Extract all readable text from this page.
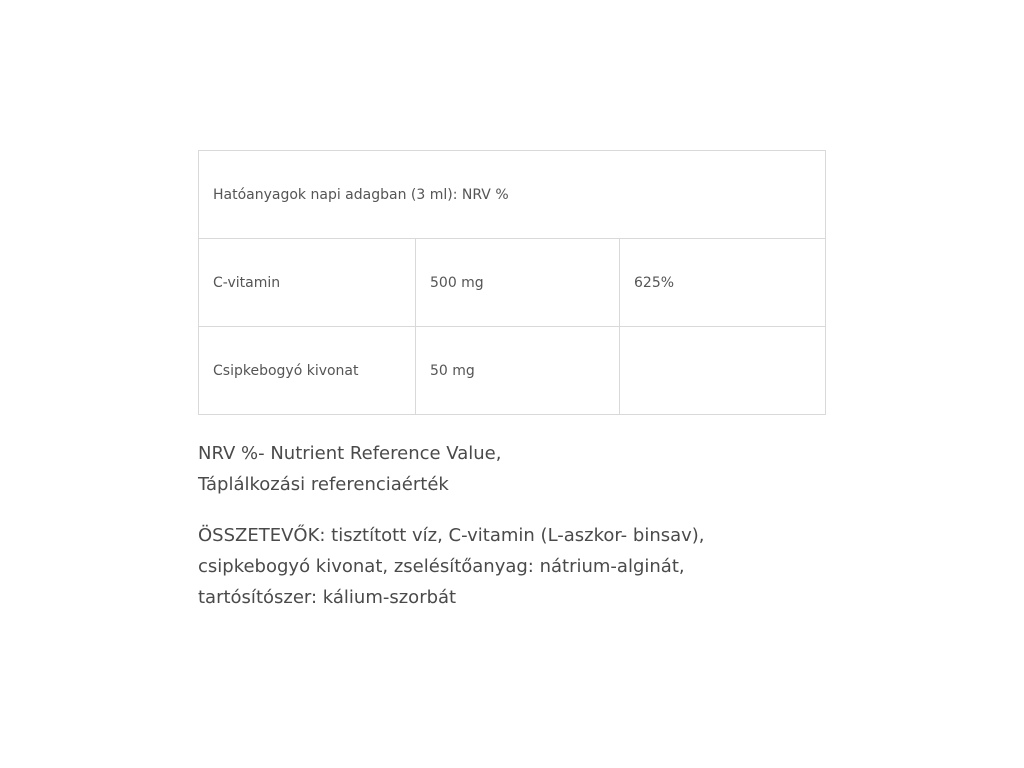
Hatóanyagok napi adagban (3 ml): NRV %		
C-vitamin	500 mg	625%
Csipkebogyó kivonat	50 mg	

NRV %- Nutrient Reference Value,
Táplálkozási referenciaérték

ÖSSZETEVŐK: tisztított víz, C-vitamin (L-aszkor- binsav),
csipkebogyó kivonat, zselésítőanyag: nátrium-alginát,
tartósítószer: kálium-szorbát
